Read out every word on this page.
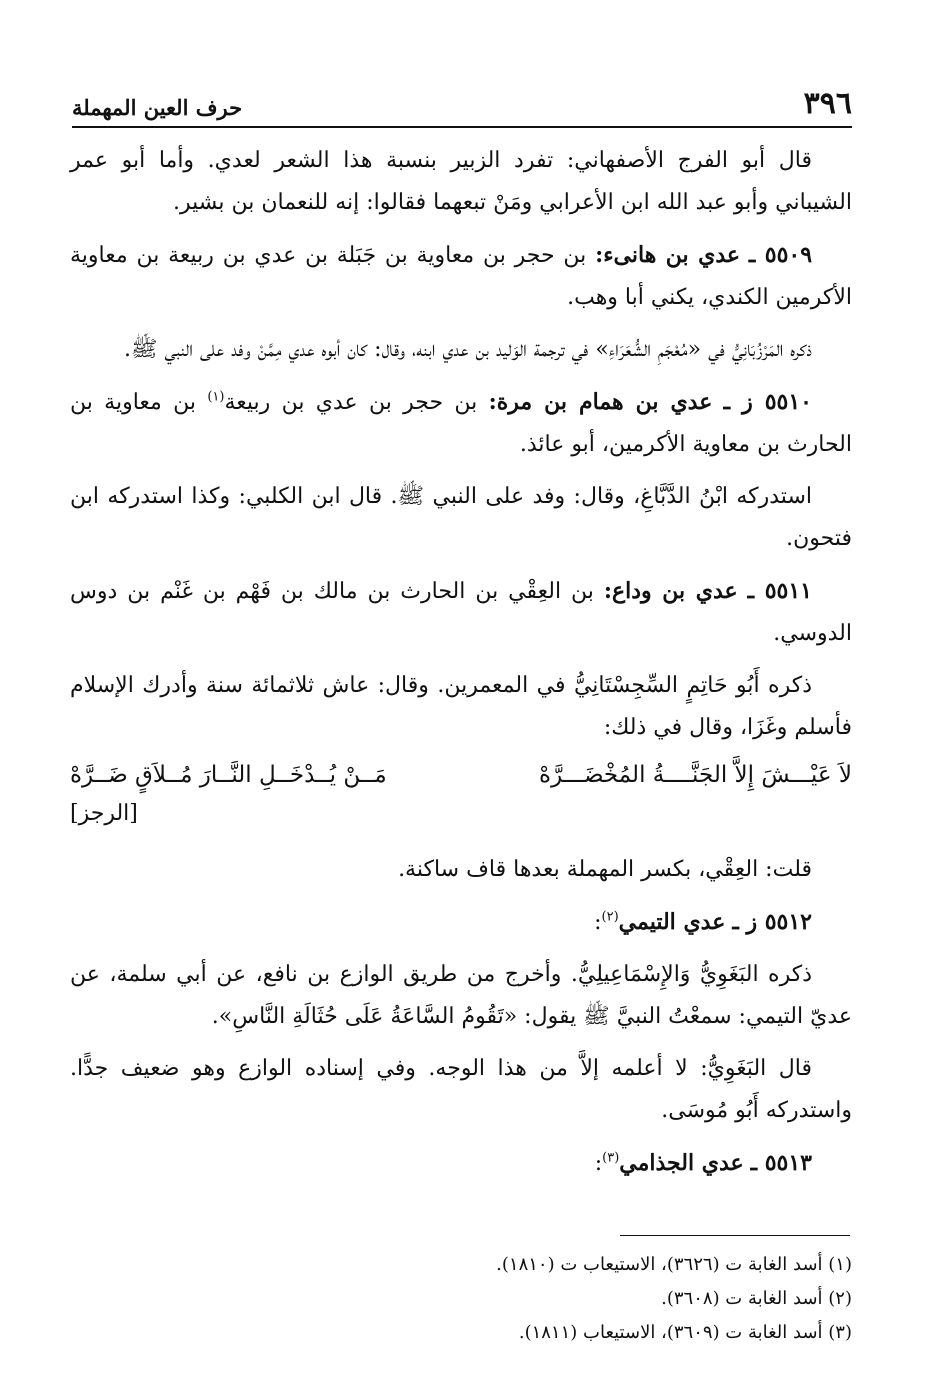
٣٩٦
حرف العين المهملة

قال أبو الفرج الأصفهاني: تفرد الزبير بنسبة هذا الشعر لعدي. وأما أبو عمر الشيباني وأبو عبد الله ابن الأعرابي ومَنْ تبعهما فقالوا: إنه للنعمان بن بشير.

٥٥٠٩ ـ عدي بن هانىء: بن حجر بن معاوية بن جَبَلة بن عدي بن ربيعة بن معاوية الأكرمين الكندي، يكني أبا وهب.

ذكره المَرْزُبَانِيُّ في «مُعْجَمِ الشُّعَرَاءِ» في ترجمة الوَليد بن عدي ابنه، وقال: كان أبوه عدي مِمَّنْ وفد على النبي ﷺ.

٥٥١٠ ز ـ عدي بن همام بن مرة: بن حجر بن عدي بن ربيعة$^{(١)}$ بن معاوية بن الحارث بن معاوية الأكرمين، أبو عائذ.

استدركه ابْنُ الدَّبَّاغِ، وقال: وفد على النبي ﷺ. قال ابن الكلبي: وكذا استدركه ابن فتحون.

٥٥١١ ـ عدي بن وداع: بن العِقْي بن الحارث بن مالك بن فَهْم بن غَنْم بن دوس الدوسي.

ذكره أَبُو حَاتِمٍ السِّجِسْتَانِيُّ في المعمرين. وقال: عاش ثلاثمائة سنة وأدرك الإسلام فأسلم وغَزَا، وقال في ذلك:

لاَ عَيْـــشَ إِلاَّ الجَنَّــــةُ المُخْضَـــرَّهْ
مَــنْ يُــدْخَــلِ النَّــارَ مُــلاَقٍ ضَــرَّهْ
[الرجز]

قلت: العِقْي، بكسر المهملة بعدها قاف ساكنة.

٥٥١٢ ز ـ عدي التيمي$^{(٢)}$:

ذكره البَغَوِيُّ وَالإِسْمَاعِيلِيُّ. وأخرج من طريق الوازع بن نافع، عن أبي سلمة، عن عديّ التيمي: سمعْتُ النبيَّ ﷺ يقول: «تَقُومُ السَّاعَةُ عَلَى حُثَالَةِ النَّاسِ».

قال البَغَوِيُّ: لا أعلمه إلاَّ من هذا الوجه. وفي إسناده الوازع وهو ضعيف جدًّا. واستدركه أَبُو مُوسَى.

٥٥١٣ ـ عدي الجذامي$^{(٣)}$:

(١) أسد الغابة ت (٣٦٢٦)، الاستيعاب ت (١٨١٠).

(٢) أسد الغابة ت (٣٦٠٨).

(٣) أسد الغابة ت (٣٦٠٩)، الاستيعاب (١٨١١).
